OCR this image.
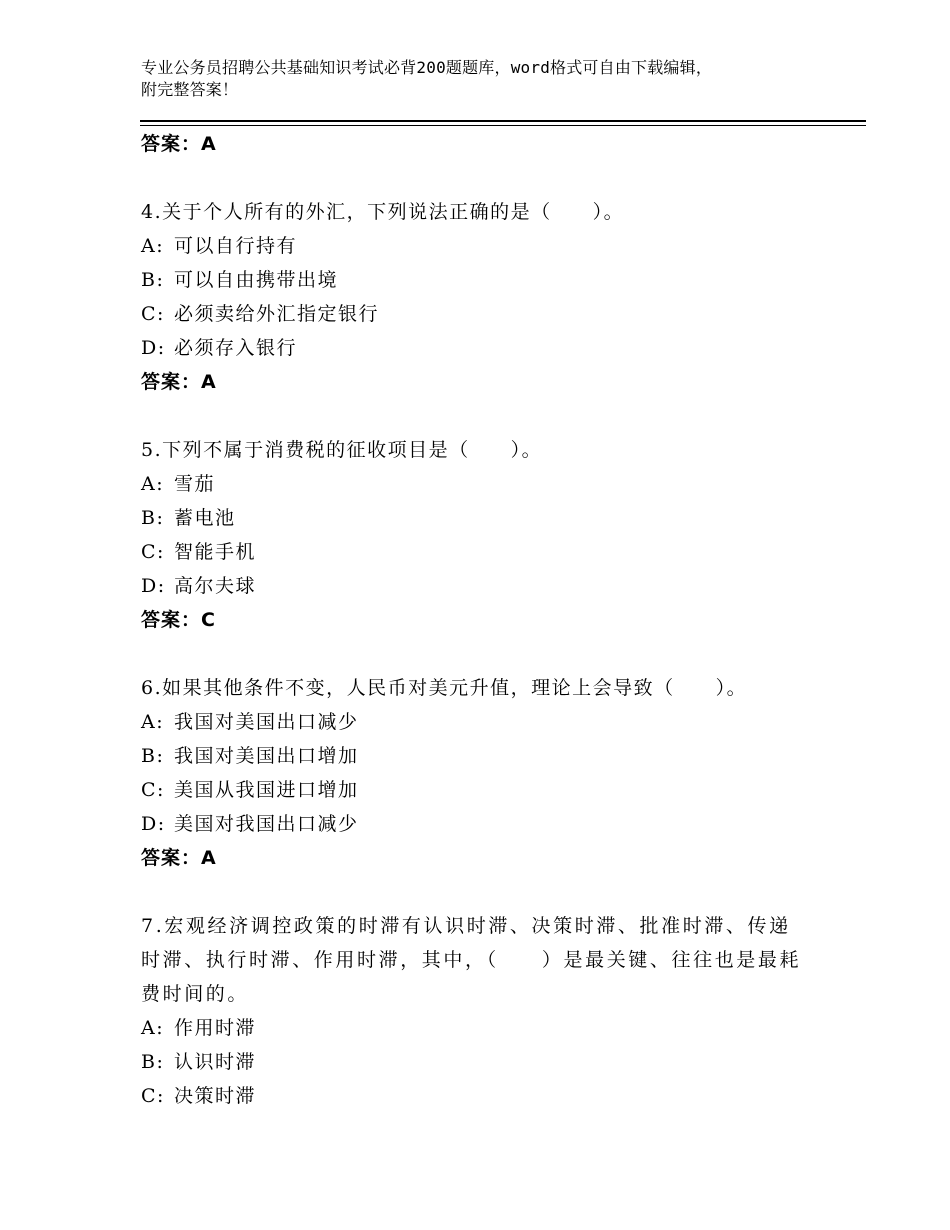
专业公务员招聘公共基础知识考试必背200题题库，word格式可自由下载编辑，
附完整答案！
答案：A
4.关于个人所有的外汇，下列说法正确的是（　　）。
A: 可以自行持有
B: 可以自由携带出境
C: 必须卖给外汇指定银行
D: 必须存入银行
答案：A
5.下列不属于消费税的征收项目是（　　）。
A: 雪茄
B: 蓄电池
C: 智能手机
D: 高尔夫球
答案：C
6.如果其他条件不变，人民币对美元升值，理论上会导致（　　）。
A: 我国对美国出口减少
B: 我国对美国出口增加
C: 美国从我国进口增加
D: 美国对我国出口减少
答案：A
7.宏观经济调控政策的时滞有认识时滞、决策时滞、批准时滞、传递时滞、执行时滞、作用时滞，其中，（　　）是最关键、往往也是最耗费时间的。
A: 作用时滞
B: 认识时滞
C: 决策时滞
